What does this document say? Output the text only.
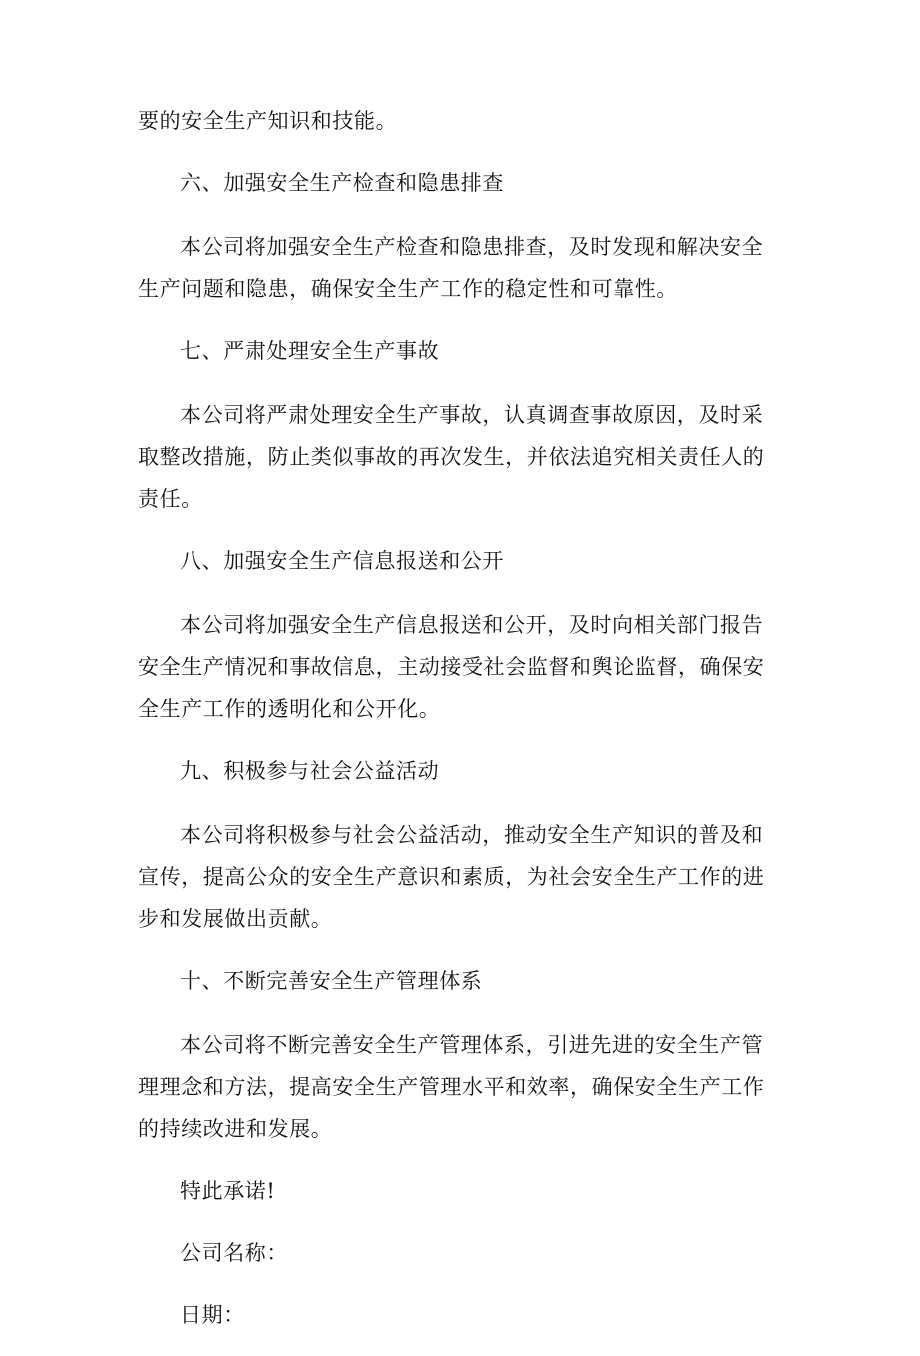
要的安全生产知识和技能。

六、加强安全生产检查和隐患排查

本公司将加强安全生产检查和隐患排查，及时发现和解决安全生产问题和隐患，确保安全生产工作的稳定性和可靠性。

七、严肃处理安全生产事故

本公司将严肃处理安全生产事故，认真调查事故原因，及时采取整改措施，防止类似事故的再次发生，并依法追究相关责任人的责任。

八、加强安全生产信息报送和公开

本公司将加强安全生产信息报送和公开，及时向相关部门报告安全生产情况和事故信息，主动接受社会监督和舆论监督，确保安全生产工作的透明化和公开化。

九、积极参与社会公益活动

本公司将积极参与社会公益活动，推动安全生产知识的普及和宣传，提高公众的安全生产意识和素质，为社会安全生产工作的进步和发展做出贡献。

十、不断完善安全生产管理体系

本公司将不断完善安全生产管理体系，引进先进的安全生产管理理念和方法，提高安全生产管理水平和效率，确保安全生产工作的持续改进和发展。

特此承诺!

公司名称：

日期：
